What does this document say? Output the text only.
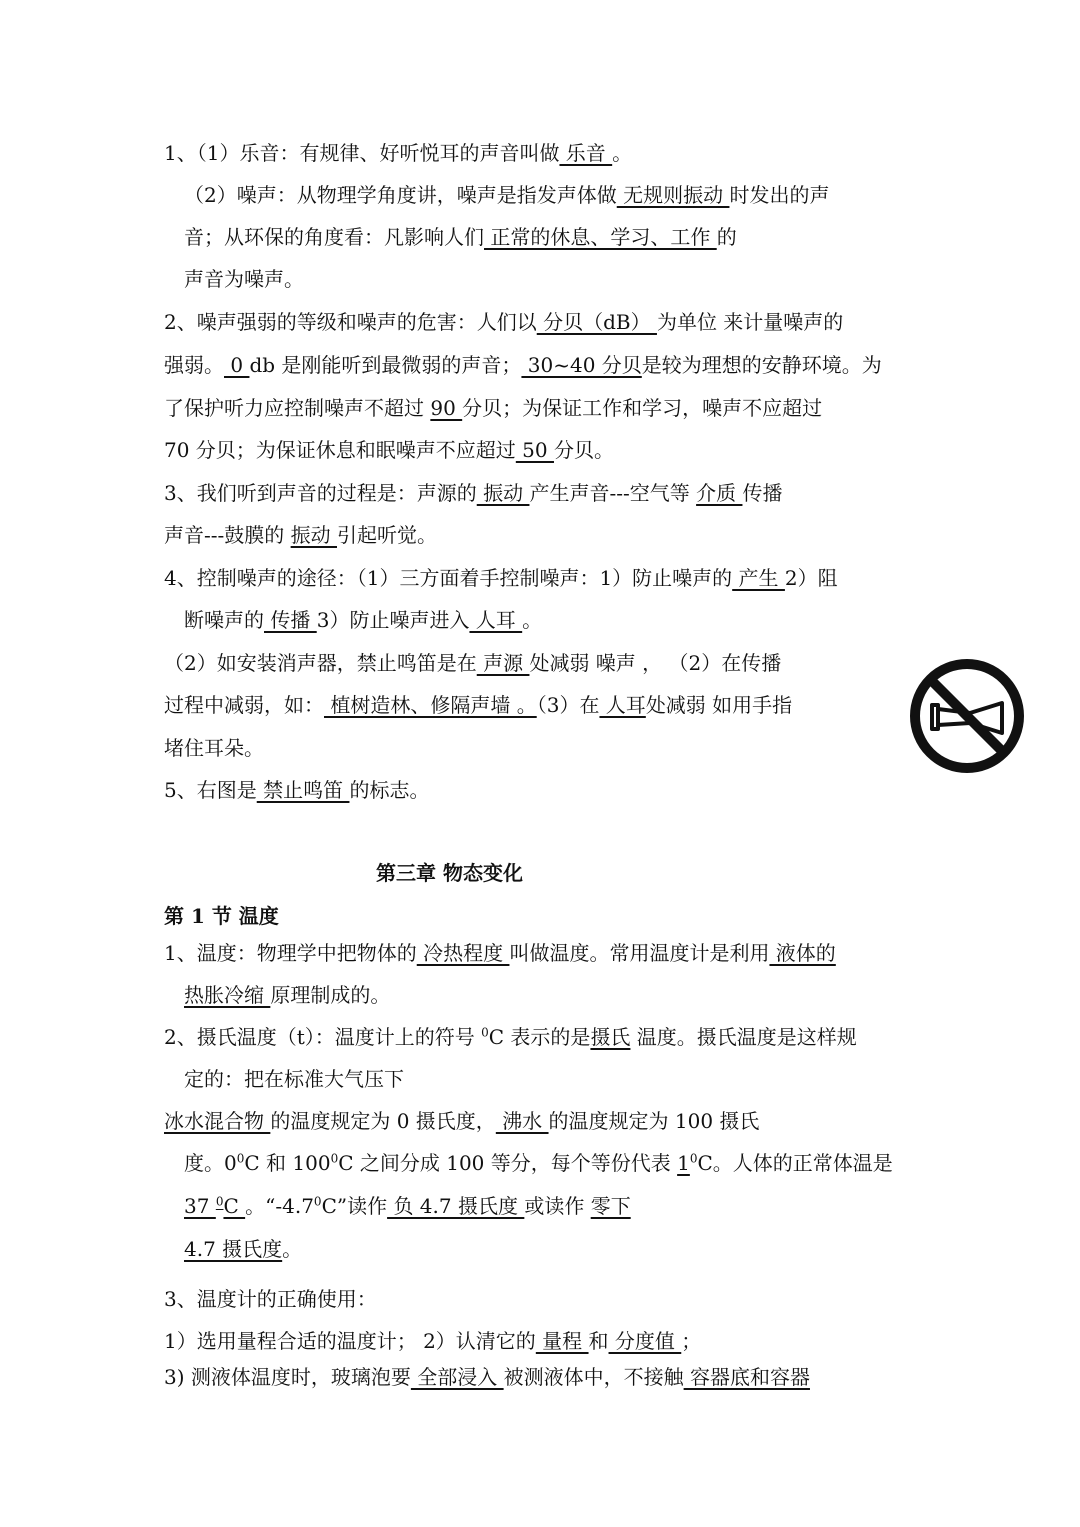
1、（1）乐音：有规律、好听悦耳的声音叫做 乐音 。
（2）噪声：从物理学角度讲，噪声是指发声体做 无规则振动 时发出的声
音；从环保的角度看：凡影响人们 正常的休息、学习、工作 的
声音为噪声。
2、噪声强弱的等级和噪声的危害：人们以 分贝（dB） 为单位 来计量噪声的
强弱。 0 db 是刚能听到最微弱的声音； 30~40 分贝是较为理想的安静环境。为
了保护听力应控制噪声不超过 90 分贝；为保证工作和学习，噪声不应超过
70 分贝；为保证休息和眠噪声不应超过 50 分贝。
3、我们听到声音的过程是：声源的 振动 产生声音---空气等 介质 传播
声音---鼓膜的 振动 引起听觉。
4、控制噪声的途径：（1）三方面着手控制噪声：1）防止噪声的 产生 2）阻
断噪声的 传播 3）防止噪声进入 人耳 。
（2）如安装消声器，禁止鸣笛是在 声源 处减弱 噪声 ， （2）在传播
过程中减弱，如： 植树造林、修隔声墙 。（3）在 人耳处减弱 如用手指
堵住耳朵。
5、右图是 禁止鸣笛 的标志。
第三章 物态变化
第 1 节 温度
1、温度：物理学中把物体的 冷热程度 叫做温度。常用温度计是利用 液体的
热胀冷缩 原理制成的。
2、摄氏温度（t）：温度计上的符号 $^0$C 表示的是摄氏 温度。摄氏温度是这样规
定的：把在标准大气压下
冰水混合物 的温度规定为 0 摄氏度， 沸水 的温度规定为 100 摄氏
度。$0^0C$ 和 $100^0C$ 之间分成 100 等分，每个等份代表 $1^0C$。人体的正常体温是
37 $^0$C 。“$-4.7^0C$”读作 负 4.7 摄氏度 或读作 零下
4.7 摄氏度。
3、温度计的正确使用：
1）选用量程合适的温度计； 2）认清它的 量程 和 分度值 ；
3) 测液体温度时，玻璃泡要 全部浸入 被测液体中，不接触 容器底和容器
